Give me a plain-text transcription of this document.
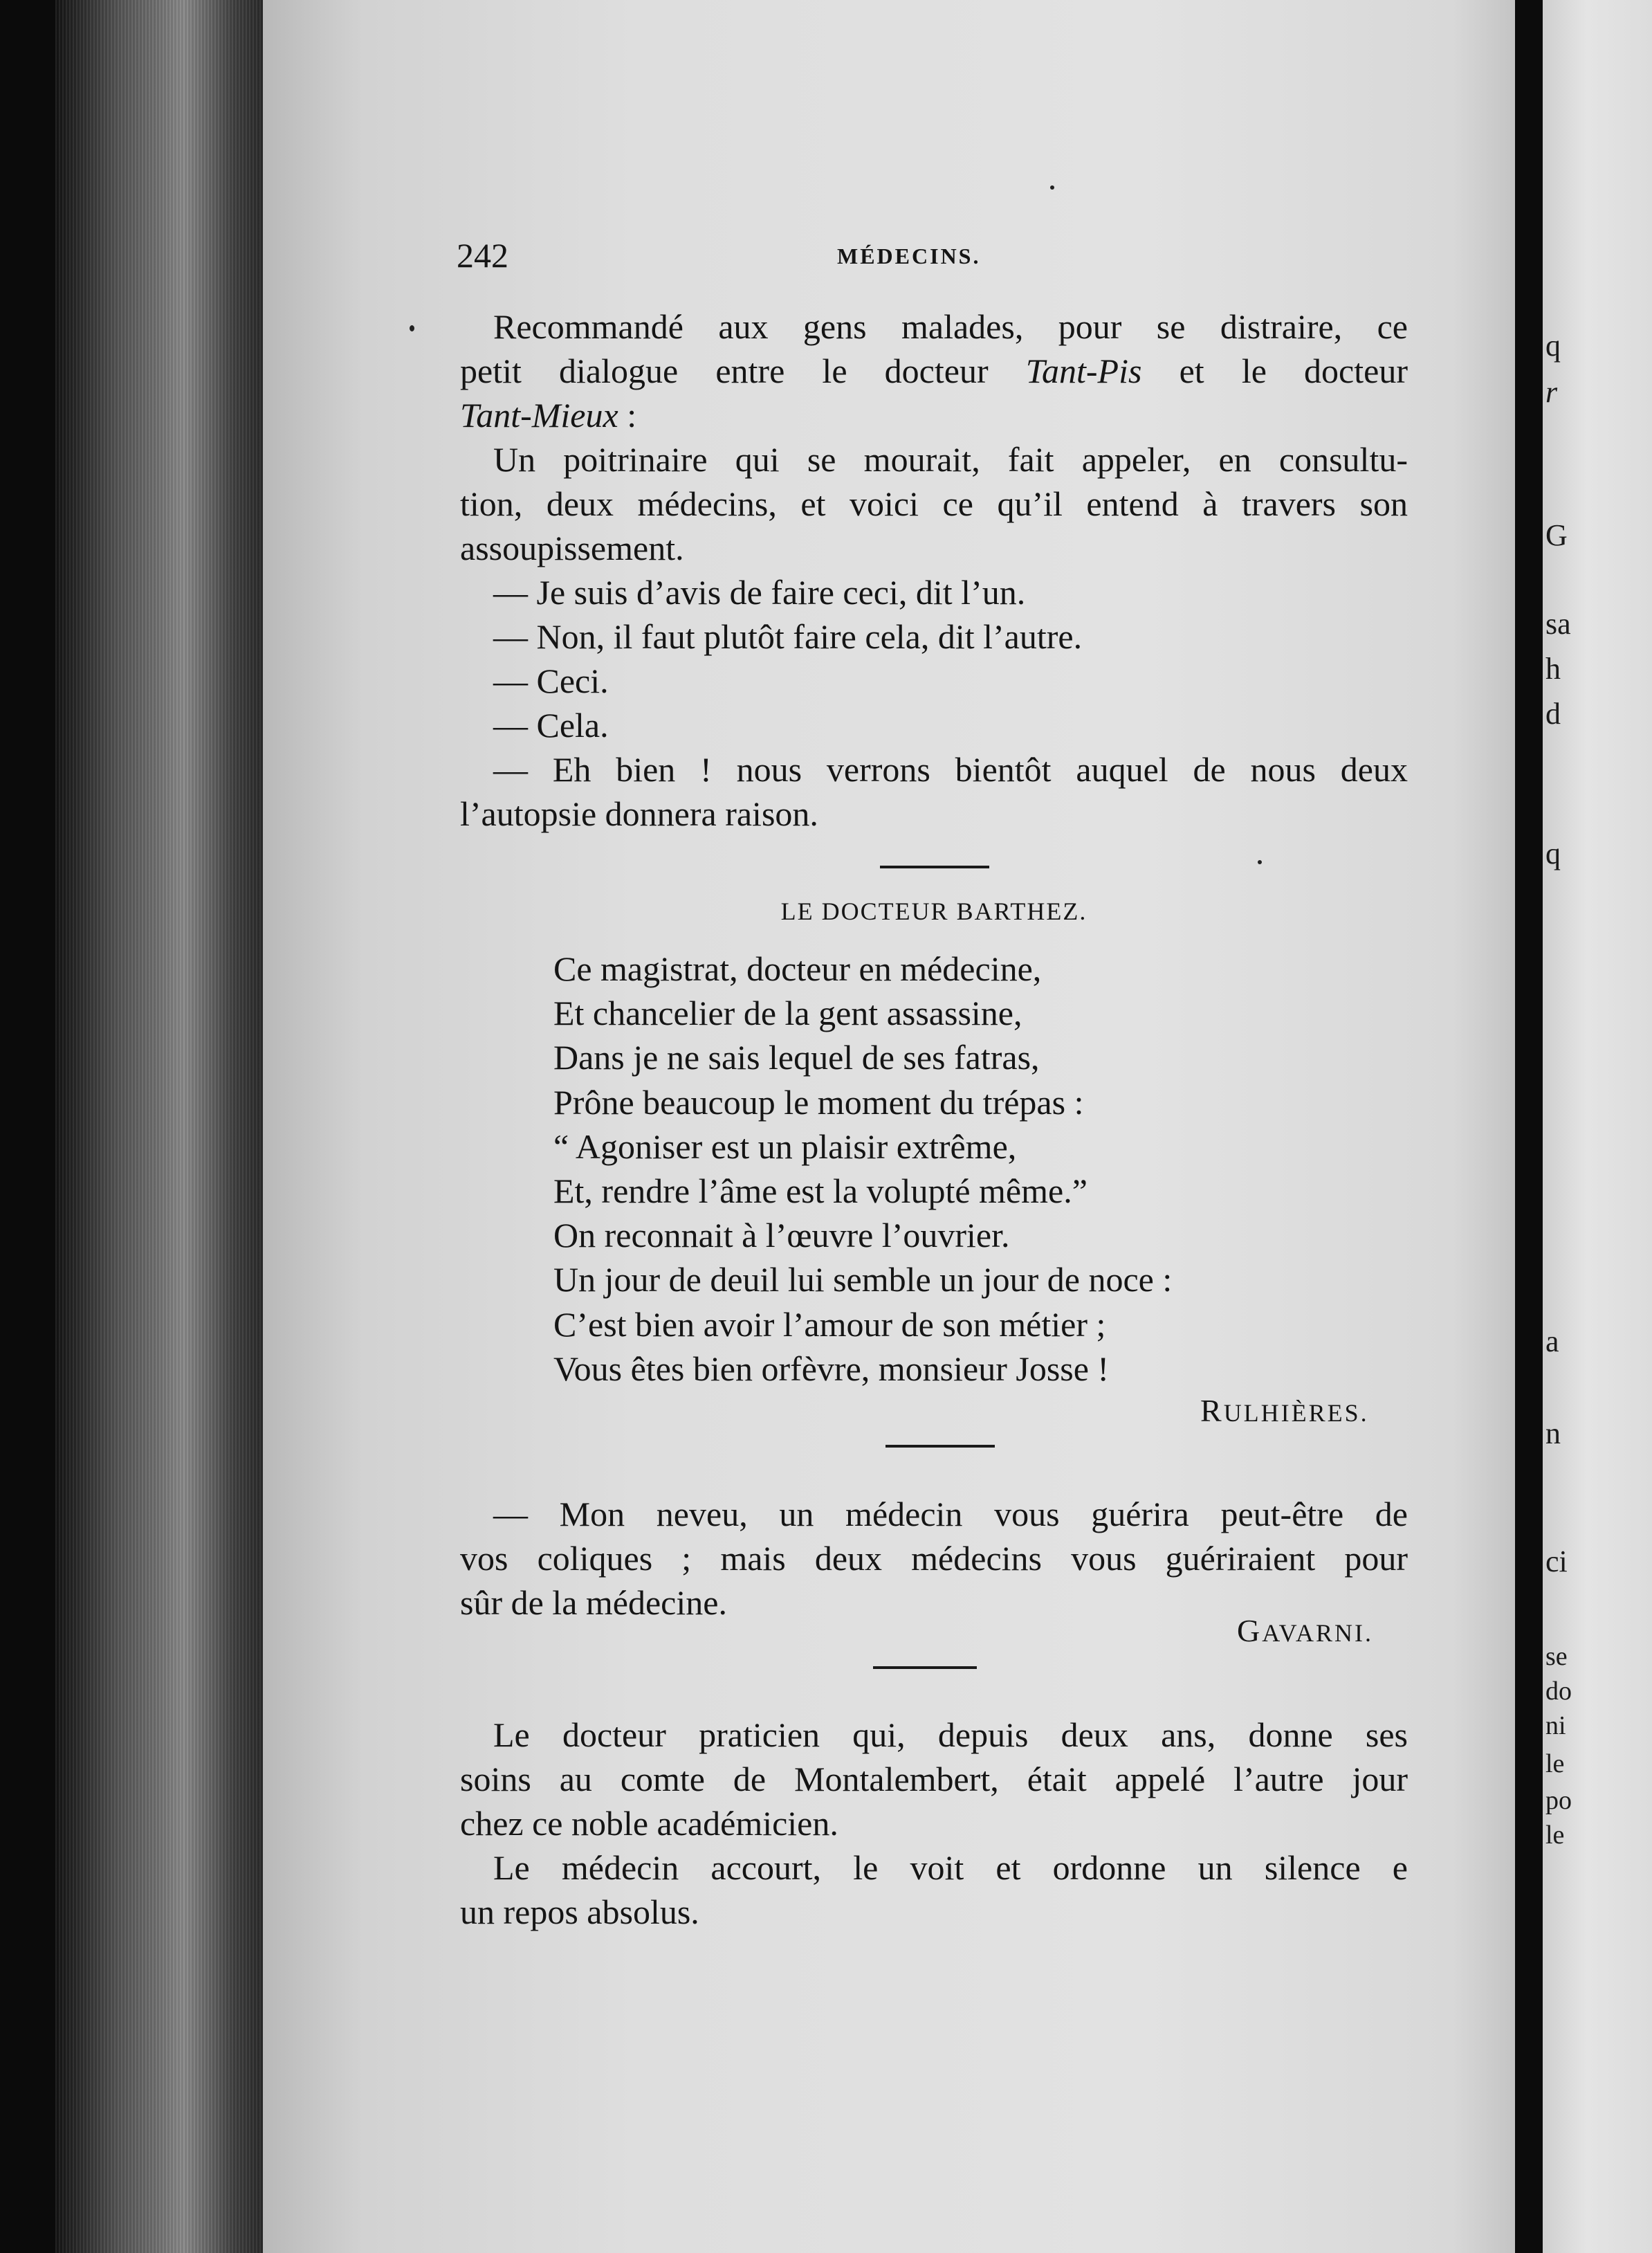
q
r
G
sa
h
d
q
a
n
ci
se
do
ni
le
po
le
242	MÉDECINS.
Recommandé aux gens malades, pour se distraire, ce
petit dialogue entre le docteur Tant-Pis et le docteur
Tant-Mieux :
Un poitrinaire qui se mourait, fait appeler, en consultu-
tion, deux médecins, et voici ce qu’il entend à travers son
assoupissement.
— Je suis d’avis de faire ceci, dit l’un.
— Non, il faut plutôt faire cela, dit l’autre.
— Ceci.
— Cela.
— Eh bien ! nous verrons bientôt auquel de nous deux
l’autopsie donnera raison.
LE DOCTEUR BARTHEZ.
Ce magistrat, docteur en médecine,
Et chancelier de la gent assassine,
Dans je ne sais lequel de ses fatras,
Prône beaucoup le moment du trépas :
“ Agoniser est un plaisir extrême,
Et, rendre l’âme est la volupté même.”
On reconnait à l’œuvre l’ouvrier.
Un jour de deuil lui semble un jour de noce :
C’est bien avoir l’amour de son métier ;
Vous êtes bien orfèvre, monsieur Josse !
RULHIÈRES.
— Mon neveu, un médecin vous guérira peut-être de
vos coliques ; mais deux médecins vous guériraient pour
sûr de la médecine.
GAVARNI.
Le docteur praticien qui, depuis deux ans, donne ses
soins au comte de Montalembert, était appelé l’autre jour
chez ce noble académicien.
Le médecin accourt, le voit et ordonne un silence e
un repos absolus.
